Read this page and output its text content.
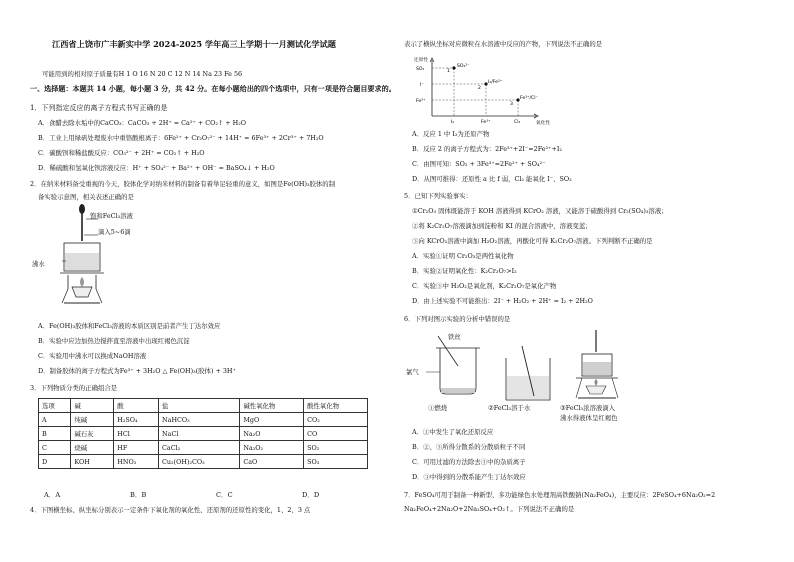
江西省上饶市广丰新实中学 2024-2025 学年高三上学期十一月测试化学试题
可能用到的相对原子质量有H 1 O 16 N 20 C 12 N 14 Na 23 Fe 56
一、选择题：本题共 14 小题，每小题 3 分，共 42 分。在每小题给出的四个选项中，只有一项是符合题目要求的。
1．下列指定反应的离子方程式书写正确的是
A．食醋去除水垢中的CaCO₃：CaCO₃ + 2H⁺ = Ca²⁺ + CO₂↑ + H₂O
B．工业上用绿矾处理废水中重铬酸根离子：6Fe²⁺ + Cr₂O₇²⁻ + 14H⁺ = 6Fe³⁺ + 2Cr³⁺ + 7H₂O
C．碳酸钡和稀盐酸反应：CO₃²⁻ + 2H⁺ = CO₂↑ + H₂O
D．稀硫酸和氢氧化钡溶液反应：H⁺ + SO₄²⁻ + Ba²⁺ + OH⁻ = BaSO₄↓ + H₂O
2．在纳米材料备受重视的今天，胶体化学对纳米材料的制备有着举足轻重的意义，如图是Fe(OH)₃胶体的制
备实验示意图，相关表述正确的是
饱和FeCl₃溶液
滴入5~6滴
沸水
A．Fe(OH)₃胶体和FeCl₃溶液的本质区别是前者产生丁达尔效应
B．实验中应边加热边搅拌直至溶液中出现红褐色沉淀
C．实验用中沸水可以换成NaOH溶液
D．制备胶体的离子方程式为Fe³⁺ + 3H₂O △ Fe(OH)₃(胶体) + 3H⁺
3．下列物质分类的正确组合是
选项	碱	酸	盐	碱性氧化物	酸性氧化物
A	纯碱	H₂SO₄	NaHCO₃	MgO	CO₂
B	碱石灰	HCl	NaCl	Na₂O	CO
C	烧碱	HF	CaCl₂	Na₂O₂	SO₂
D	KOH	HNO₃	Cu₂(OH)₂CO₃	CaO	SO₃
A．A	B．B	C．C	D．D
4．下图横坐标、纵坐标分别表示一定条件下氧化剂的氧化性、还原剂的还原性的变化，1、2、3 点
表示了横纵坐标对应微粒在水溶液中反应的产物，下列说法不正确的是
还原性
氧化性
SO₂
I⁻
Fe²⁺
I₂	Fe³⁺	Cl₂
1
SO₄²⁻
2
I₂/Fe²⁺
3
Fe³⁺/Cl⁻
A．反应 1 中 I₂为还原产物
B．反应 2 的离子方程式为：2Fe³⁺+2I⁻=2Fe²⁺+I₂
C．由图可知：SO₂ + 3Fe³⁺=2Fe²⁺ + SO₄²⁻
D．从图可推得：还原性 a 比 f 弱，Cl₂ 能氧化 I⁻、SO₂
5．已知下列实验事实：
①Cr₂O₃ 固体既能溶于 KOH 溶液得到 KCrO₂ 溶液，又能溶于硫酸得到 Cr₂(SO₄)₃溶液；
②将 K₂Cr₂O₇溶液滴加到淀粉和 KI 的混合溶液中，溶液变蓝；
③向 KCrO₂溶液中滴加 H₂O₂溶液，再酸化可得 K₂Cr₂O₇溶液。下列判断不正确的是
A．实验①证明 Cr₂O₃是两性氧化物
B．实验②证明氧化性：K₂Cr₂O₇>I₂
C．实验③中 H₂O₂是氧化剂，K₂Cr₂O₇是氧化产物
D．由上述实验不可能推出：2I⁻ + H₂O₂ + 2H⁺ = I₂ + 2H₂O
6．下列对图示实验的分析中错误的是
铁丝
氯气
①燃烧	②FeCl₃溶于水	③FeCl₃浓溶液滴入
沸水得液体呈红褐色
A．①中发生了氧化还原反应
B．②、③所得分散系的分散质粒子不同
C．可用过滤的方法除去③中的杂质离子
D．③中得到的分散系能产生丁达尔效应
7．FeSO₄可用于制备一种新型、多功能绿色水处理剂高铁酸钠(Na₂FeO₄)，主要反应：2FeSO₄+6Na₂O₂=2
Na₂FeO₄+2Na₂O+2Na₂SO₄+O₂↑。下列说法不正确的是
